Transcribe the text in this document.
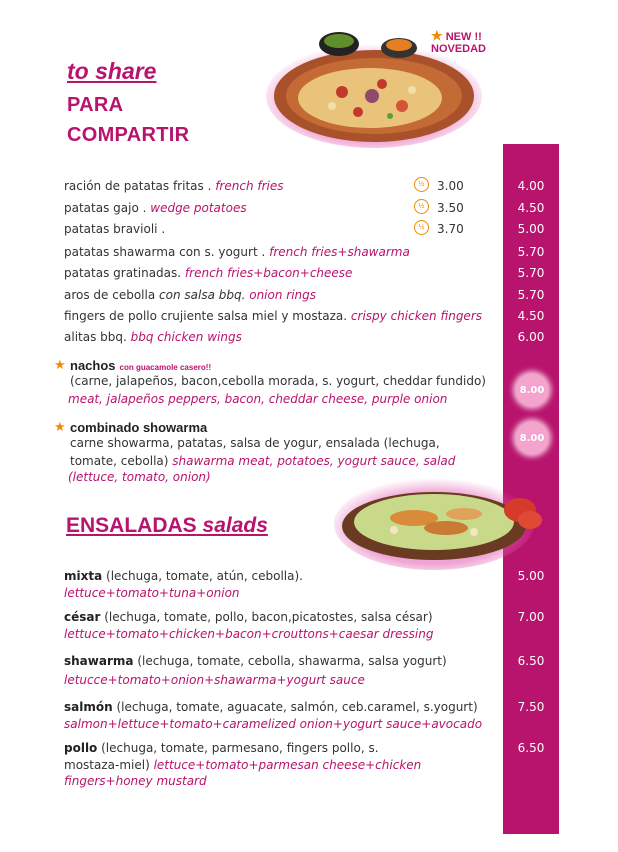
★ NEW !!
NOVEDAD
to share
PARA
COMPARTIR
ración de patatas fritas . french fries	½	3.00	4.00
patatas gajo . wedge potatoes	½	3.50	4.50
patatas bravioli .	½	3.70	5.00
patatas shawarma con s. yogurt . french fries+shawarma	5.70
patatas gratinadas. french fries+bacon+cheese	5.70
aros de cebolla con salsa bbq. onion rings	5.70
fingers de pollo crujiente salsa miel y mostaza. crispy chicken fingers	4.50
alitas bbq. bbq chicken wings	6.00
★ nachos con guacamole casero!!
(carne, jalapeños, bacon,cebolla morada, s. yogurt, cheddar fundido)
meat, jalapeños peppers, bacon, cheddar cheese, purple onion
8.00
★ combinado showarma
carne showarma, patatas, salsa de yogur, ensalada (lechuga,
tomate, cebolla) shawarma meat, potatoes, yogurt sauce, salad
(lettuce, tomato, onion)
8.00
ENSALADAS salads
mixta (lechuga, tomate, atún, cebolla).
lettuce+tomato+tuna+onion
5.00
césar (lechuga, tomate, pollo, bacon,picatostes, salsa césar)
lettuce+tomato+chicken+bacon+crouttons+caesar dressing
7.00
shawarma (lechuga, tomate, cebolla, shawarma, salsa yogurt)
letucce+tomato+onion+shawarma+yogurt sauce
6.50
salmón (lechuga, tomate, aguacate, salmón, ceb.caramel, s.yogurt)
salmon+lettuce+tomato+caramelized onion+yogurt sauce+avocado
7.50
pollo (lechuga, tomate, parmesano, fingers pollo, s.
mostaza-miel) lettuce+tomato+parmesan cheese+chicken
fingers+honey mustard
6.50
